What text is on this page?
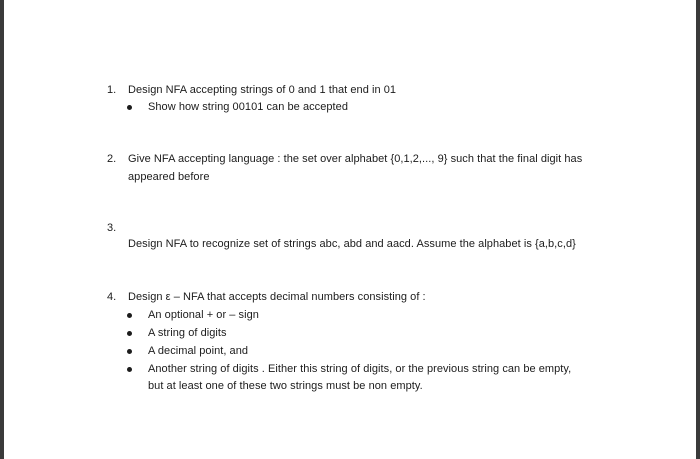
1. Design NFA accepting strings of 0 and 1 that end in 01
Show how string 00101 can be accepted
2. Give NFA accepting language : the set over alphabet {0,1,2,..., 9} such that the final digit has
appeared before
3.
Design NFA to recognize set of strings abc, abd and aacd. Assume the alphabet is {a,b,c,d}
4. Design ε – NFA that accepts decimal numbers consisting of :
An optional + or – sign
A string of digits
A decimal point, and
Another string of digits . Either this string of digits, or the previous string can be empty,
but at least one of these two strings must be non empty.
